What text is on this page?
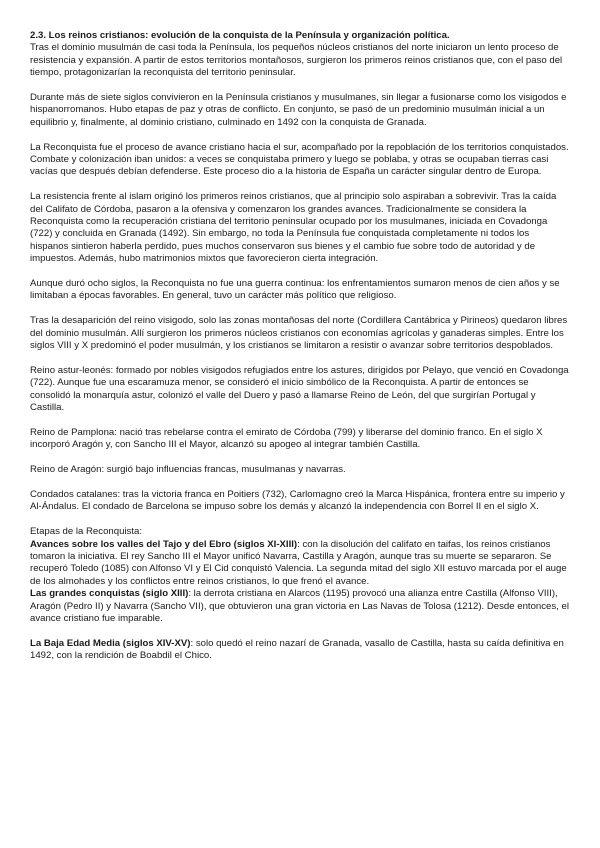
2.3. Los reinos cristianos: evolución de la conquista de la Península y organización política.

Tras el dominio musulmán de casi toda la Península, los pequeños núcleos cristianos del norte iniciaron un lento proceso de resistencia y expansión. A partir de estos territorios montañosos, surgieron los primeros reinos cristianos que, con el paso del tiempo, protagonizarían la reconquista del territorio peninsular.

Durante más de siete siglos convivieron en la Península cristianos y musulmanes, sin llegar a fusionarse como los visigodos e hispanorromanos. Hubo etapas de paz y otras de conflicto. En conjunto, se pasó de un predominio musulmán inicial a un equilibrio y, finalmente, al dominio cristiano, culminado en 1492 con la conquista de Granada.

La Reconquista fue el proceso de avance cristiano hacia el sur, acompañado por la repoblación de los territorios conquistados. Combate y colonización iban unidos: a veces se conquistaba primero y luego se poblaba, y otras se ocupaban tierras casi vacías que después debían defenderse. Este proceso dio a la historia de España un carácter singular dentro de Europa.

La resistencia frente al islam originó los primeros reinos cristianos, que al principio solo aspiraban a sobrevivir. Tras la caída del Califato de Córdoba, pasaron a la ofensiva y comenzaron los grandes avances. Tradicionalmente se considera la Reconquista como la recuperación cristiana del territorio peninsular ocupado por los musulmanes, iniciada en Covadonga (722) y concluida en Granada (1492). Sin embargo, no toda la Península fue conquistada completamente ni todos los hispanos sintieron haberla perdido, pues muchos conservaron sus bienes y el cambio fue sobre todo de autoridad y de impuestos. Además, hubo matrimonios mixtos que favorecieron cierta integración.

Aunque duró ocho siglos, la Reconquista no fue una guerra continua: los enfrentamientos sumaron menos de cien años y se limitaban a épocas favorables. En general, tuvo un carácter más político que religioso.

Tras la desaparición del reino visigodo, solo las zonas montañosas del norte (Cordillera Cantábrica y Pirineos) quedaron libres del dominio musulmán. Allí surgieron los primeros núcleos cristianos con economías agrícolas y ganaderas simples. Entre los siglos VIII y X predominó el poder musulmán, y los cristianos se limitaron a resistir o avanzar sobre territorios despoblados.

Reino astur-leonés: formado por nobles visigodos refugiados entre los astures, dirigidos por Pelayo, que venció en Covadonga (722). Aunque fue una escaramuza menor, se consideró el inicio simbólico de la Reconquista. A partir de entonces se consolidó la monarquía astur, colonizó el valle del Duero y pasó a llamarse Reino de León, del que surgirían Portugal y Castilla.

Reino de Pamplona: nació tras rebelarse contra el emirato de Córdoba (799) y liberarse del dominio franco. En el siglo X incorporó Aragón y, con Sancho III el Mayor, alcanzó su apogeo al integrar también Castilla.

Reino de Aragón: surgió bajo influencias francas, musulmanas y navarras.

Condados catalanes: tras la victoria franca en Poitiers (732), Carlomagno creó la Marca Hispánica, frontera entre su imperio y Al-Ándalus. El condado de Barcelona se impuso sobre los demás y alcanzó la independencia con Borrel II en el siglo X.

Etapas de la Reconquista:

Avances sobre los valles del Tajo y del Ebro (siglos XI-XIII): con la disolución del califato en taifas, los reinos cristianos tomaron la iniciativa. El rey Sancho III el Mayor unificó Navarra, Castilla y Aragón, aunque tras su muerte se separaron. Se recuperó Toledo (1085) con Alfonso VI y El Cid conquistó Valencia. La segunda mitad del siglo XII estuvo marcada por el auge de los almohades y los conflictos entre reinos cristianos, lo que frenó el avance.

Las grandes conquistas (siglo XIII): la derrota cristiana en Alarcos (1195) provocó una alianza entre Castilla (Alfonso VIII), Aragón (Pedro II) y Navarra (Sancho VII), que obtuvieron una gran victoria en Las Navas de Tolosa (1212). Desde entonces, el avance cristiano fue imparable.

La Baja Edad Media (siglos XIV-XV): solo quedó el reino nazarí de Granada, vasallo de Castilla, hasta su caída definitiva en 1492, con la rendición de Boabdil el Chico.
